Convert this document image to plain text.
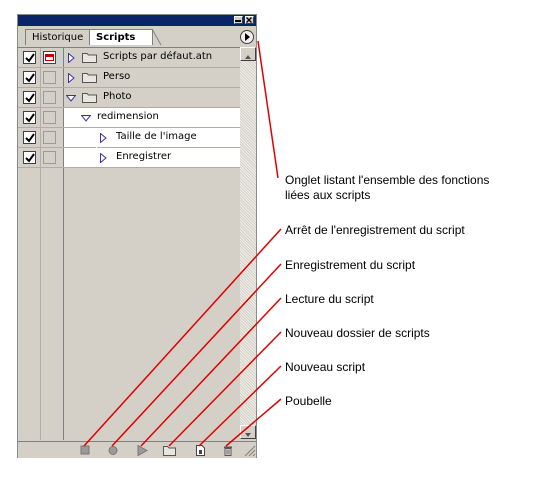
Historique	Scripts
Scripts par défaut.atn
Perso
Photo
redimension
Taille de l'image
Enregistrer
Onglet listant l'ensemble des fonctions
liées aux scripts
Arrêt de l'enregistrement du script
Enregistrement du script
Lecture du script
Nouveau dossier de scripts
Nouveau script
Poubelle
